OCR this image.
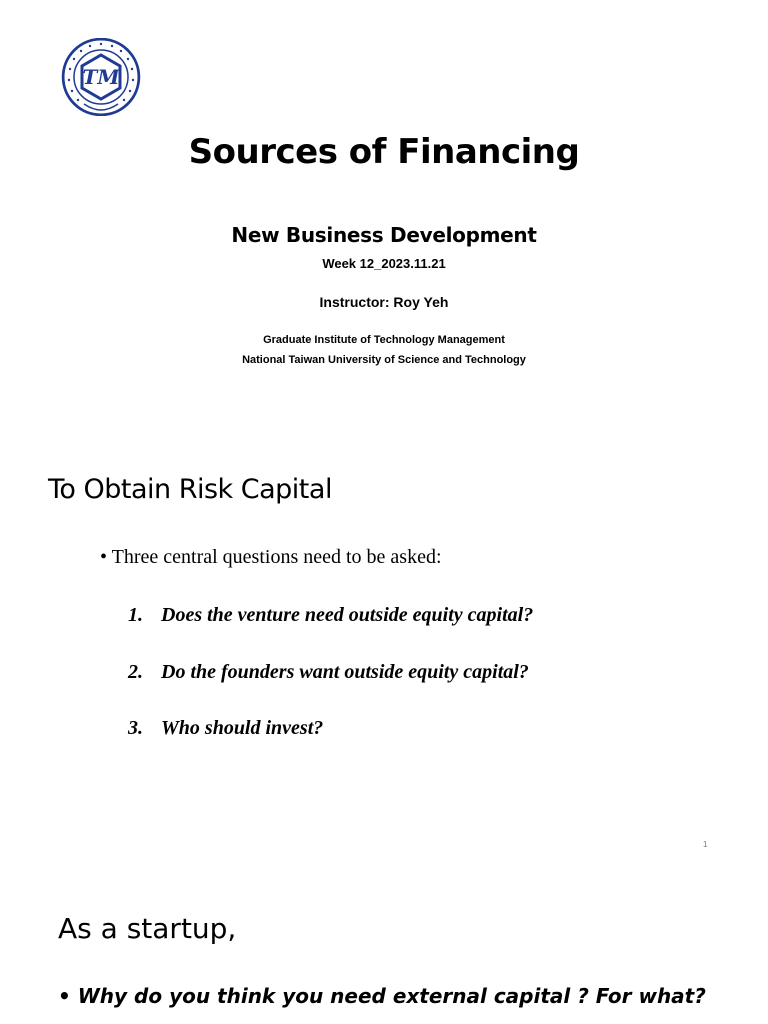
TM
Sources of Financing
New Business Development
Week 12_2023.11.21
Instructor: Roy Yeh
Graduate Institute of Technology Management
National Taiwan University of Science and Technology
To Obtain Risk Capital
• Three central questions need to be asked:
1. Does the venture need outside equity capital?
2. Do the founders want outside equity capital?
3. Who should invest?
1
As a startup,
• Why do you think you need external capital ? For what?
